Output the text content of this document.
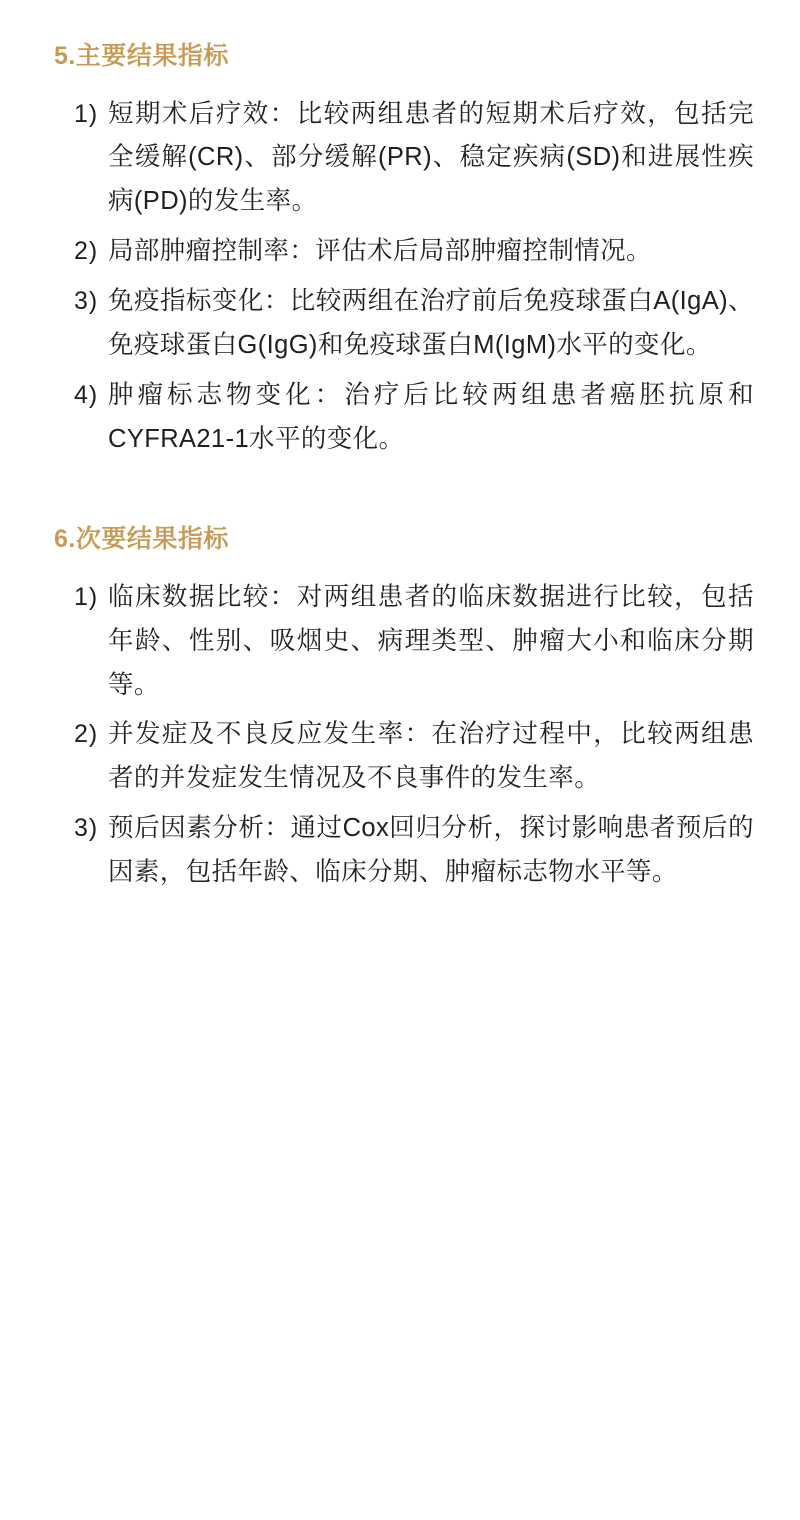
5.主要结果指标
1) 短期术后疗效：比较两组患者的短期术后疗效，包括完全缓解(CR)、部分缓解(PR)、稳定疾病(SD)和进展性疾病(PD)的发生率。
2) 局部肿瘤控制率：评估术后局部肿瘤控制情况。
3) 免疫指标变化：比较两组在治疗前后免疫球蛋白A(IgA)、免疫球蛋白G(IgG)和免疫球蛋白M(IgM)水平的变化。
4) 肿瘤标志物变化：治疗后比较两组患者癌胚抗原和CYFRA21-1水平的变化。
6.次要结果指标
1) 临床数据比较：对两组患者的临床数据进行比较，包括年龄、性别、吸烟史、病理类型、肿瘤大小和临床分期等。
2) 并发症及不良反应发生率：在治疗过程中，比较两组患者的并发症发生情况及不良事件的发生率。
3) 预后因素分析：通过Cox回归分析，探讨影响患者预后的因素，包括年龄、临床分期、肿瘤标志物水平等。
